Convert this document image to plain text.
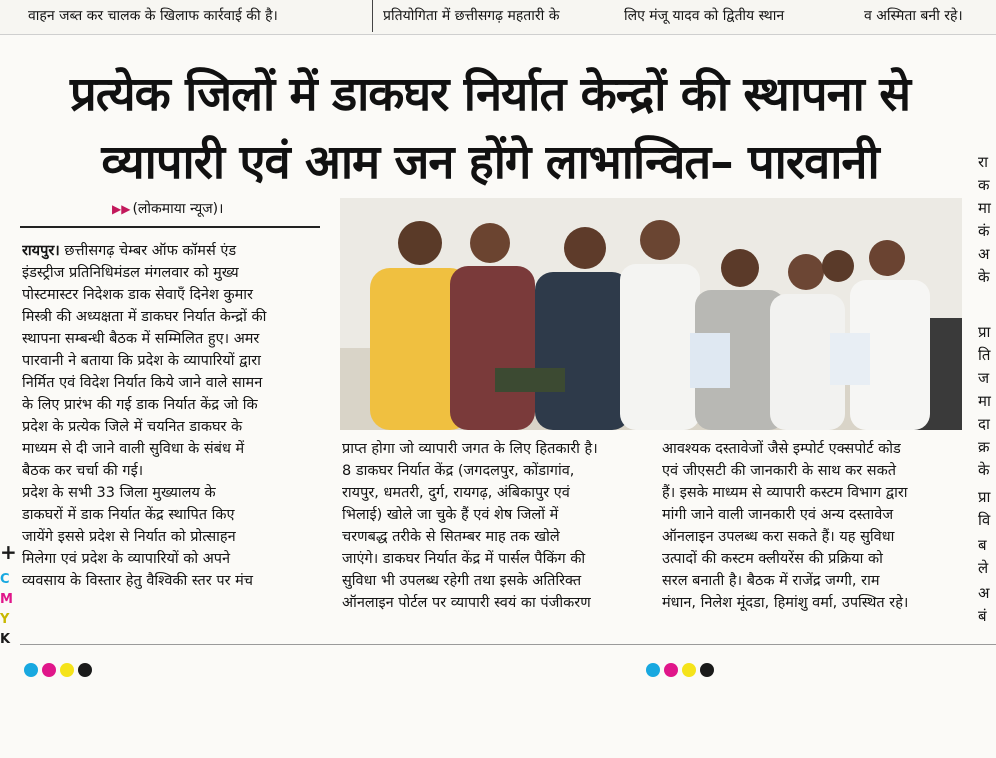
वाहन जब्त कर चालक के खिलाफ कार्रवाई की है।	प्रतियोगिता में छत्तीसगढ़ महतारी के	लिए मंजू यादव को द्वितीय स्थान	व अस्मिता बनी रहे।
प्रत्येक जिलों में डाकघर निर्यात केन्द्रों की स्थापना से
व्यापारी एवं आम जन होंगे लाभान्वित– पारवानी
▶▶ (लोकमाया न्यूज)।

रायपुर। छत्तीसगढ़ चेम्बर ऑफ कॉमर्स एंड

इंडस्ट्रीज प्रतिनिधिमंडल मंगलवार को मुख्य

पोस्टमास्टर निदेशक डाक सेवाएँ दिनेश कुमार

मिस्त्री की अध्यक्षता में डाकघर निर्यात केन्द्रों की

स्थापना सम्बन्धी बैठक में सम्मिलित हुए। अमर

पारवानी ने बताया कि प्रदेश के व्यापारियों द्वारा

निर्मित एवं विदेश निर्यात किये जाने वाले सामन

के लिए प्रारंभ की गई डाक निर्यात केंद्र जो कि

प्रदेश के प्रत्येक जिले में चयनित डाकघर के

माध्यम से दी जाने वाली सुविधा के संबंध में

बैठक कर चर्चा की गई।

प्रदेश के सभी 33 जिला मुख्यालय के

डाकघरों में डाक निर्यात केंद्र स्थापित किए

जायेंगे इससे प्रदेश से निर्यात को प्रोत्साहन

मिलेगा एवं प्रदेश के व्यापारियों को अपने

व्यवसाय के विस्तार हेतु वैश्विकी स्तर पर मंच

प्राप्त होगा जो व्यापारी जगत के लिए हितकारी है।

8 डाकघर निर्यात केंद्र (जगदलपुर, कोंडागांव,

रायपुर, धमतरी, दुर्ग, रायगढ़, अंबिकापुर एवं

भिलाई) खोले जा चुके हैं एवं शेष जिलों में

चरणबद्ध तरीके से सितम्बर माह तक खोले

जाएंगे। डाकघर निर्यात केंद्र में पार्सल पैकिंग की

सुविधा भी उपलब्ध रहेगी तथा इसके अतिरिक्त

ऑनलाइन पोर्टल पर व्यापारी स्वयं का पंजीकरण

आवश्यक दस्तावेजों जैसे इम्पोर्ट एक्सपोर्ट कोड

एवं जीएसटी की जानकारी के साथ कर सकते

हैं। इसके माध्यम से व्यापारी कस्टम विभाग द्वारा

मांगी जाने वाली जानकारी एवं अन्य दस्तावेज

ऑनलाइन उपलब्ध करा सकते हैं। यह सुविधा

उत्पादों की कस्टम क्लीयरेंस की प्रक्रिया को

सरल बनाती है। बैठक में राजेंद्र जग्गी, राम

मंधान, निलेश मूंदडा, हिमांशु वर्मा, उपस्थित रहे।

रा
क
मा
कं
अ
के
प्रा
ति
ज
मा
दा
क्र
के
प्रा
वि
ब
ले
अ
बं
+
C
M
Y
K
